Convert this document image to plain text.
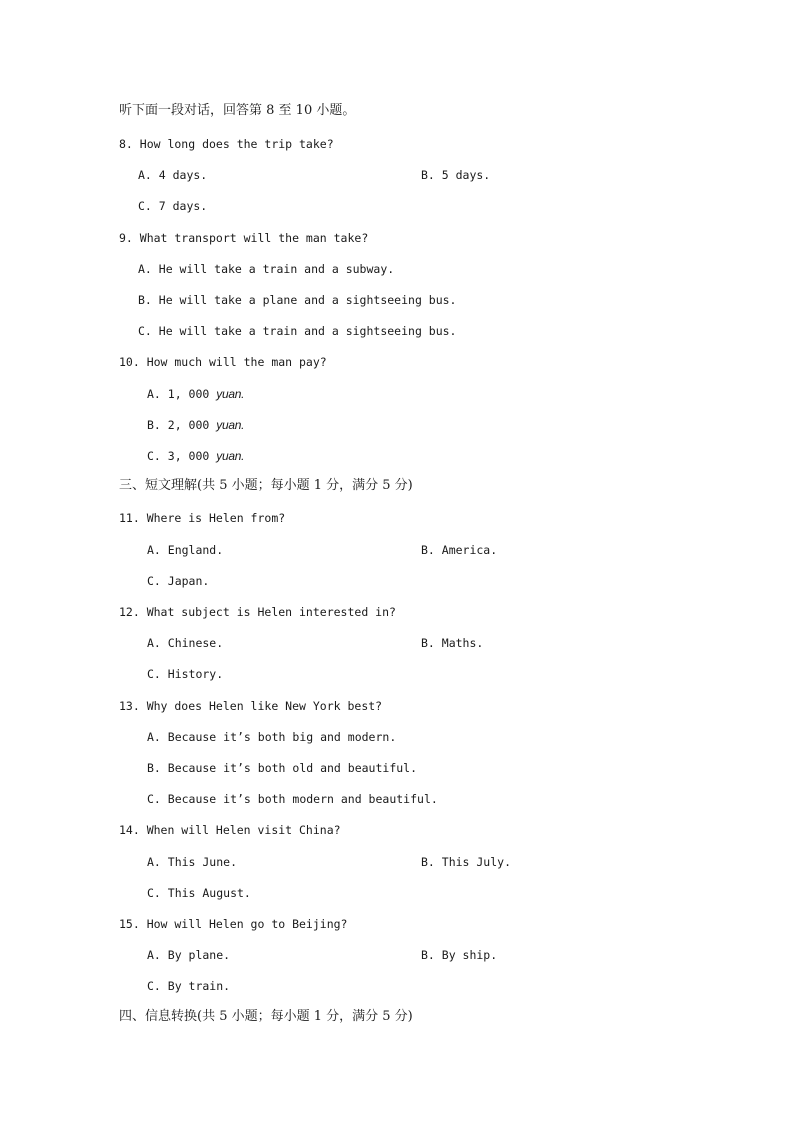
听下面一段对话，回答第 8 至 10 小题。
8. How long does the trip take?
A. 4 days.	B. 5 days.
C. 7 days.
9. What transport will the man take?
A. He will take a train and a subway.
B. He will take a plane and a sightseeing bus.
C. He will take a train and a sightseeing bus.
10. How much will the man pay?
A. 1, 000 yuan.
B. 2, 000 yuan.
C. 3, 000 yuan.
三、短文理解(共 5 小题；每小题 1 分，满分 5 分)
11. Where is Helen from?
A. England.	B. America.
C. Japan.
12. What subject is Helen interested in?
A. Chinese.	B. Maths.
C. History.
13. Why does Helen like New York best?
A. Because it’s both big and modern.
B. Because it’s both old and beautiful.
C. Because it’s both modern and beautiful.
14. When will Helen visit China?
A. This June.	B. This July.
C. This August.
15. How will Helen go to Beijing?
A. By plane.	B. By ship.
C. By train.
四、信息转换(共 5 小题；每小题 1 分，满分 5 分)
